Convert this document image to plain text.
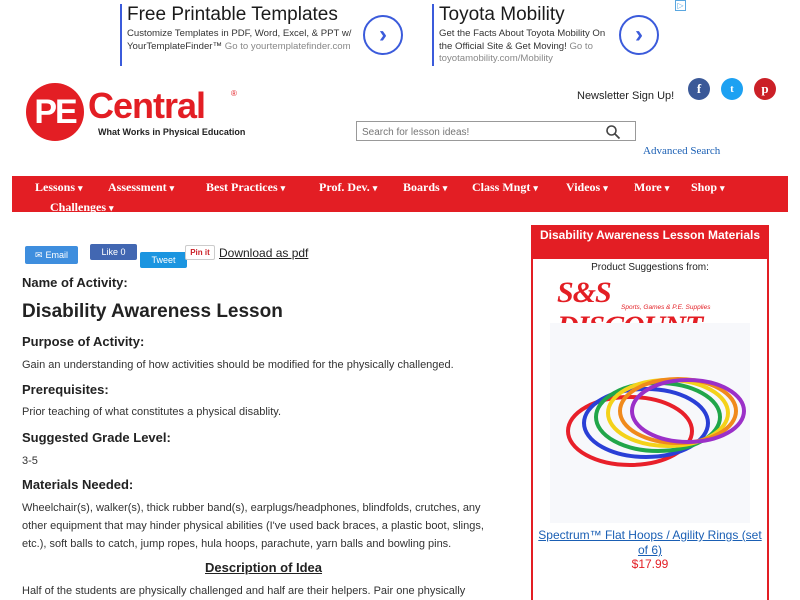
Free Printable Templates
Customize Templates in PDF, Word, Excel, & PPT w/ YourTemplateFinder™ Go to yourtemplatefinder.com	›
Toyota Mobility
Get the Facts About Toyota Mobility On the Official Site & Get Moving! Go to toyotamobility.com/Mobility
›
▷
PE Central	®
What Works in Physical Education
Newsletter Sign Up!	f	t	p
Search for lesson ideas!
Advanced Search
Lessons ▾ Assessment ▾	Best Practices ▾	Prof. Dev. ▾ Boards ▾ Class Mngt ▾ Videos ▾ More ▾ Shop ▾
Challenges ▾
✉ Email	Like 0
Tweet
Pin it Download as pdf
Name of Activity:
Disability Awareness Lesson
Purpose of Activity:
Gain an understanding of how activities should be modified for the physically challenged.
Prerequisites:
Prior teaching of what constitutes a physical disablity.
Suggested Grade Level:
3-5
Materials Needed:
Wheelchair(s), walker(s), thick rubber band(s), earplugs/headphones, blindfolds, crutches, any other equipment that may hinder physical abilities (I've used back braces, a plastic boot, slings, etc.), soft balls to catch, jump ropes, hula hoops, parachute, yarn balls and bowling pins.
Description of Idea
Half of the students are physically challenged and half are their helpers. Pair one physically
Disability Awareness Lesson Materials
Product Suggestions from:
S&S	Sports, Games & P.E. Supplies
Spectrum™ Flat Hoops / Agility Rings (set of 6)
$17.99
